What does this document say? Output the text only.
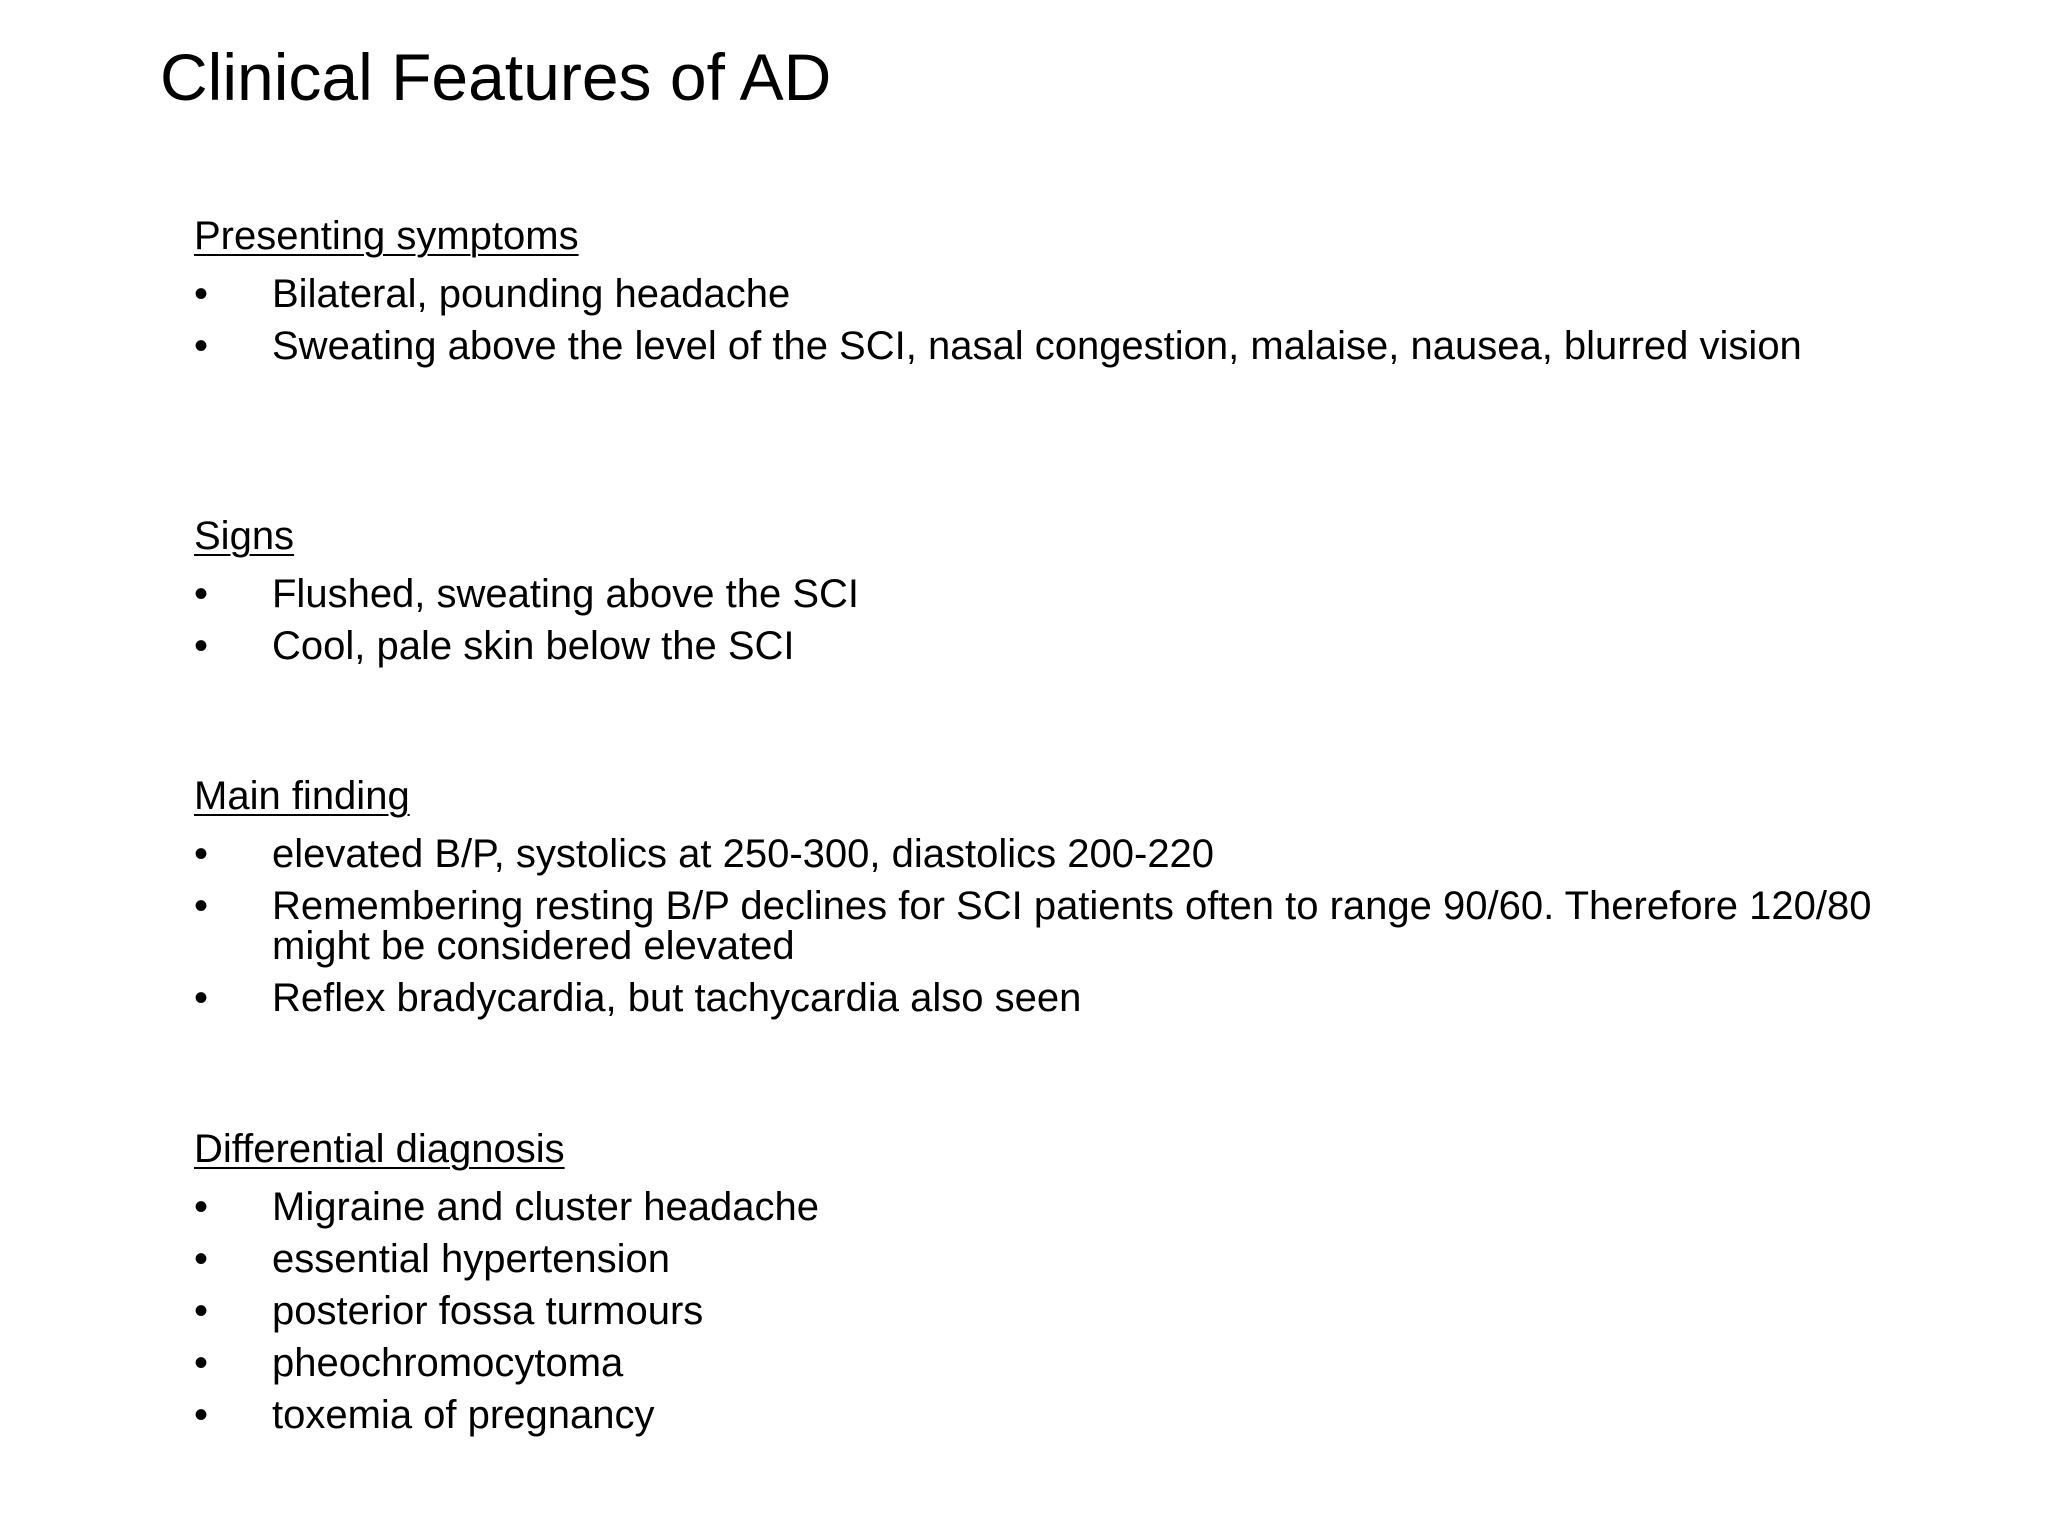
Clinical Features of AD

Presenting symptoms

• Bilateral, pounding headache
• Sweating above the level of the SCI, nasal congestion, malaise, nausea, blurred vision

Signs

• Flushed, sweating above the SCI
• Cool, pale skin below the SCI

Main finding

• elevated B/P, systolics at 250-300, diastolics 200-220
• Remembering resting B/P declines for SCI patients often to range 90/60. Therefore 120/80 might be considered elevated
• Reflex bradycardia, but tachycardia also seen

Differential diagnosis

• Migraine and cluster headache
• essential hypertension
• posterior fossa turmours
• pheochromocytoma
• toxemia of pregnancy
